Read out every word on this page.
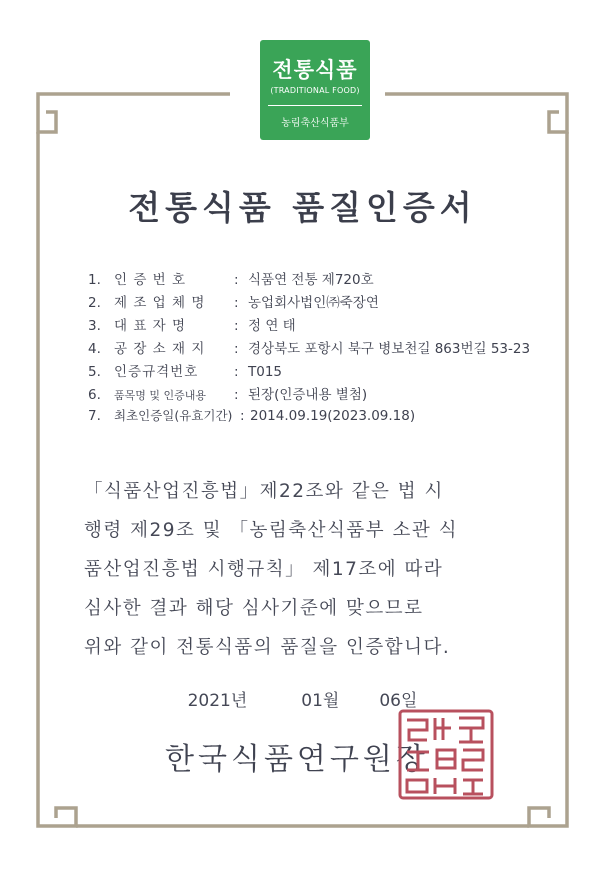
전통식품
(TRADITIONAL FOOD)
농림축산식품부
전통식품 품질인증서
1. 인 증 번 호	: 식품연 전통 제720호
2. 제 조 업 체 명	: 농업회사법인㈜죽장연
3. 대 표 자 명	: 정 연 태
4. 공 장 소 재 지	: 경상북도 포항시 북구 병보천길 863번길 53-23
5. 인증규격번호	: T015
6.	품목명 및 인증내용	: 된장(인증내용 별첨)
7.	최초인증일(유효기간) : 2014.09.19(2023.09.18)
「식품산업진흥법」제22조와 같은 법 시
행령 제29조 및 「농림축산식품부 소관 식
품산업진흥법 시행규칙」 제17조에 따라
심사한 결과 해당 심사기준에 맞으므로
위와 같이 전통식품의 품질을 인증합니다.
2021년	01월 06일
한국식품연구원장
